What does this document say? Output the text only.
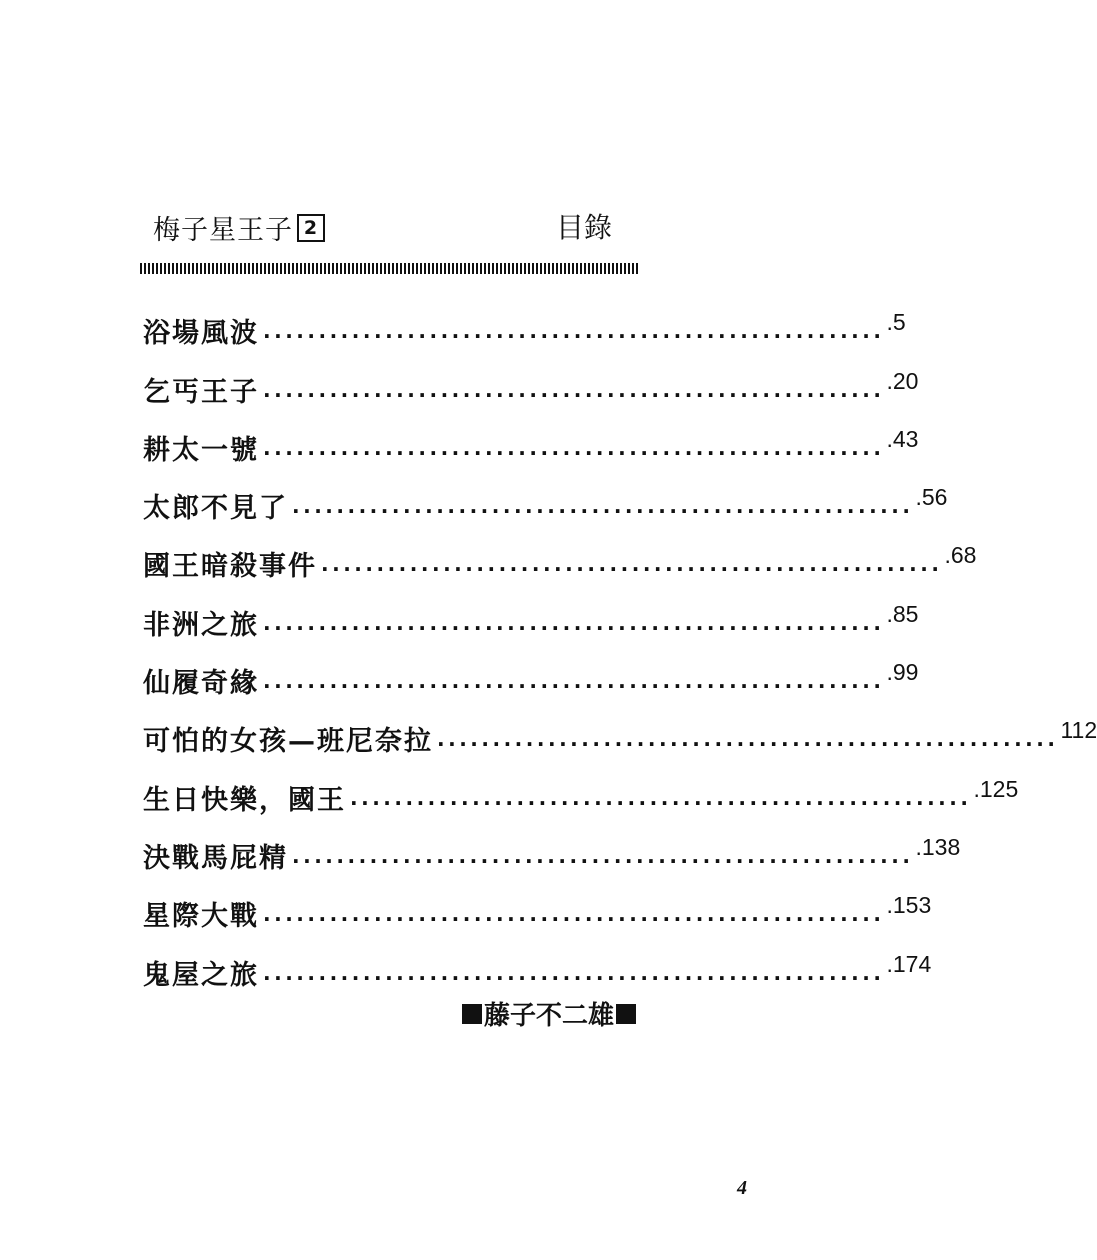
梅子星王子 2	目錄
浴場風波 ························································
.5
乞丐王子 ························································
.20
耕太一號 ························································
.43
太郎不見了 ························································
.56
國王暗殺事件 ························································
.68
非洲之旅 ························································
.85
仙履奇緣 ························································
.99
可怕的女孩—班尼奈拉 ························································
112
生日快樂，國王 ························································
.125
決戰馬屁精 ························································
.138
星際大戰 ························································
.153
鬼屋之旅 ························································
.174
藤子不二雄
4
